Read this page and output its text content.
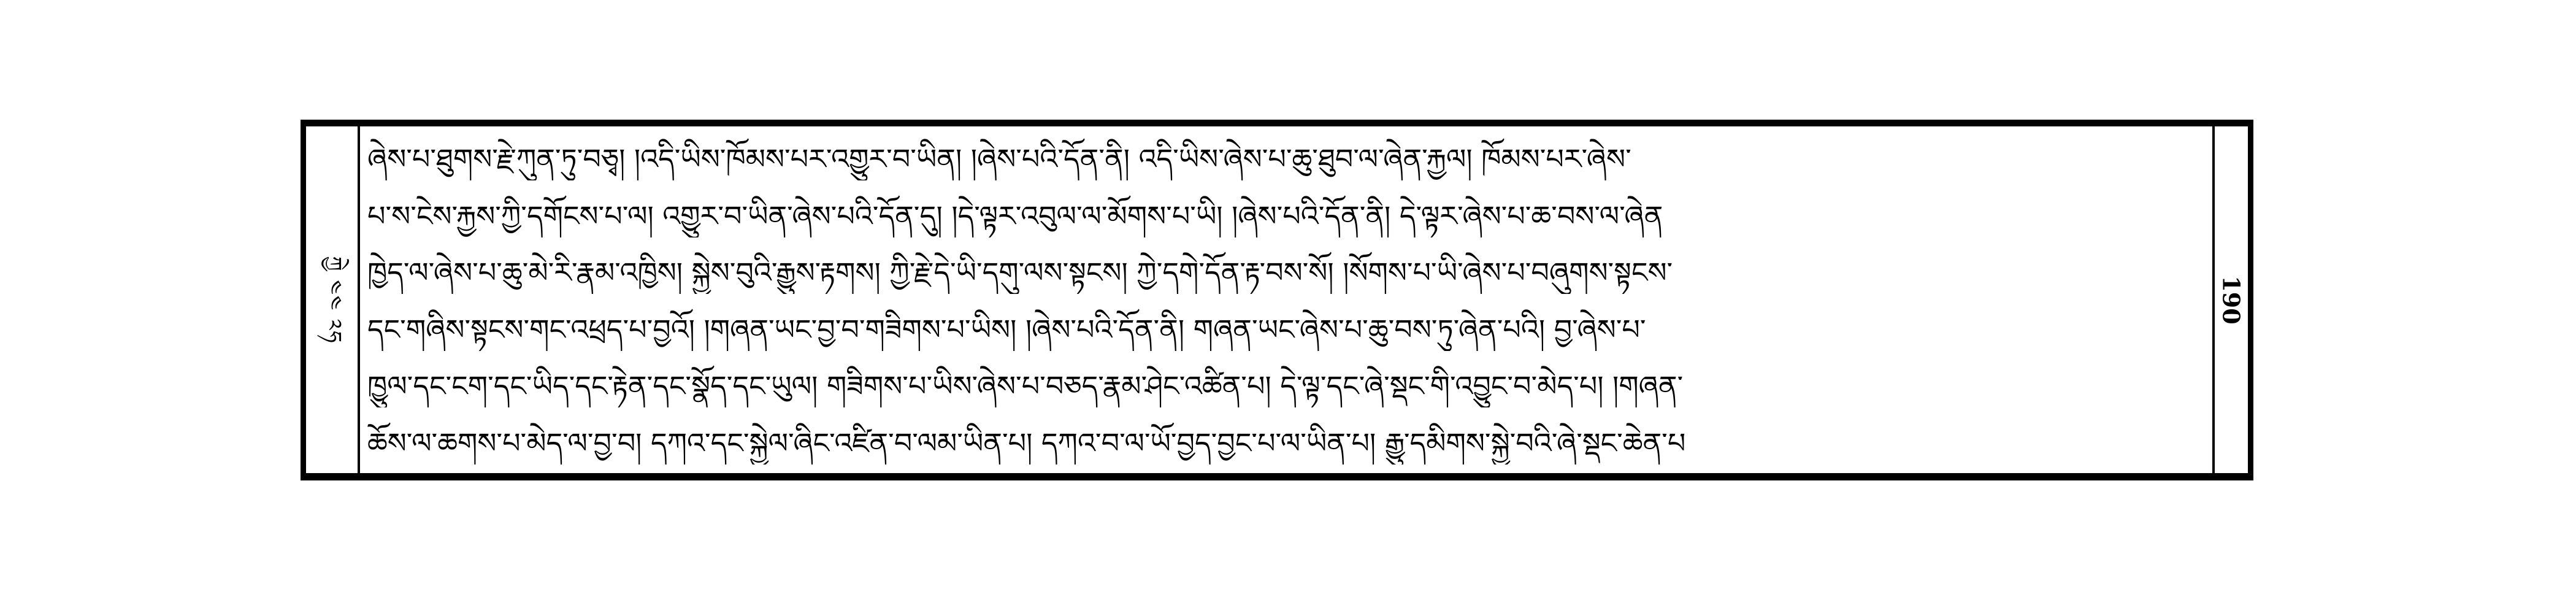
ཀྱེ ༤༤ ༢ཧ
ཞེས་པ་ཐུགས་རྗེ་ཀུན་ཏུ་བཅྭ། །འདི་ཡིས་ཁོམས་པར་འགྱུར་བ་ཡིན། །ཞེས་པའི་དོན་ནི། འདི་ཡིས་ཞེས་པ་ཆུ་ཐུབ་ལ་ཞེན་རྐྱལ། ཁོམས་པར་ཞེས་
པ་ས་ངེས་རྐྱས་ཀྱི་དགོངས་པ་ལ། འགྱུར་བ་ཡིན་ཞེས་པའི་དོན་དུ། །དེ་ལྟར་འབུལ་ལ་མོགས་པ་ཡི། །ཞེས་པའི་དོན་ནི། དེ་ལྟར་ཞེས་པ་ཆ་བས་ལ་ཞེན
ཁྱེད་ལ་ཞེས་པ་ཆུ་མེ་རི་རྣམ་འཁྱིས། སྐྱེས་བུའི་རྒྱུས་རྟགས། ཀྱི་རྗེ་དེ་ཡི་དགུ་ལས་སྟངས། ཀྱེ་དགེ་དོན་རྟ་བས་སོ། །སོགས་པ་ཡི་ཞེས་པ་བཞུགས་སྟངས་
དང་གཞིས་སྟངས་གང་འཕྲད་པ་བྱའོ། །གཞན་ཡང་བྱ་བ་གཟིགས་པ་ཡིས། །ཞེས་པའི་དོན་ནི། གཞན་ཡང་ཞེས་པ་ཆུ་བས་ཏུ་ཞེན་པའི། བྱ་ཞེས་པ་
ཁྱུལ་དང་ངག་དང་ཡིད་དང་རྟེན་དང་སྣོད་དང་ཡུལ། གཟིགས་པ་ཡིས་ཞེས་པ་བཅད་རྣམ་ཤེང་འཚིན་པ། དེ་ལྟ་དང་ཞེ་སྡང་གི་འབྱུང་བ་མེད་པ། །གཞན་
ཆོས་ལ་ཆགས་པ་མེད་ལ་བྱ་བ། དཀའ་དང་སྐྱེལ་ཞིང་འཛིན་བ་ལམ་ཡིན་པ། དཀའ་བ་ལ་ཡོ་བྱད་བྱང་པ་ལ་ཡིན་པ། རྒྱུ་དམིགས་སྐྱེ་བའི་ཞེ་སྡང་ཆེན་པ
190
